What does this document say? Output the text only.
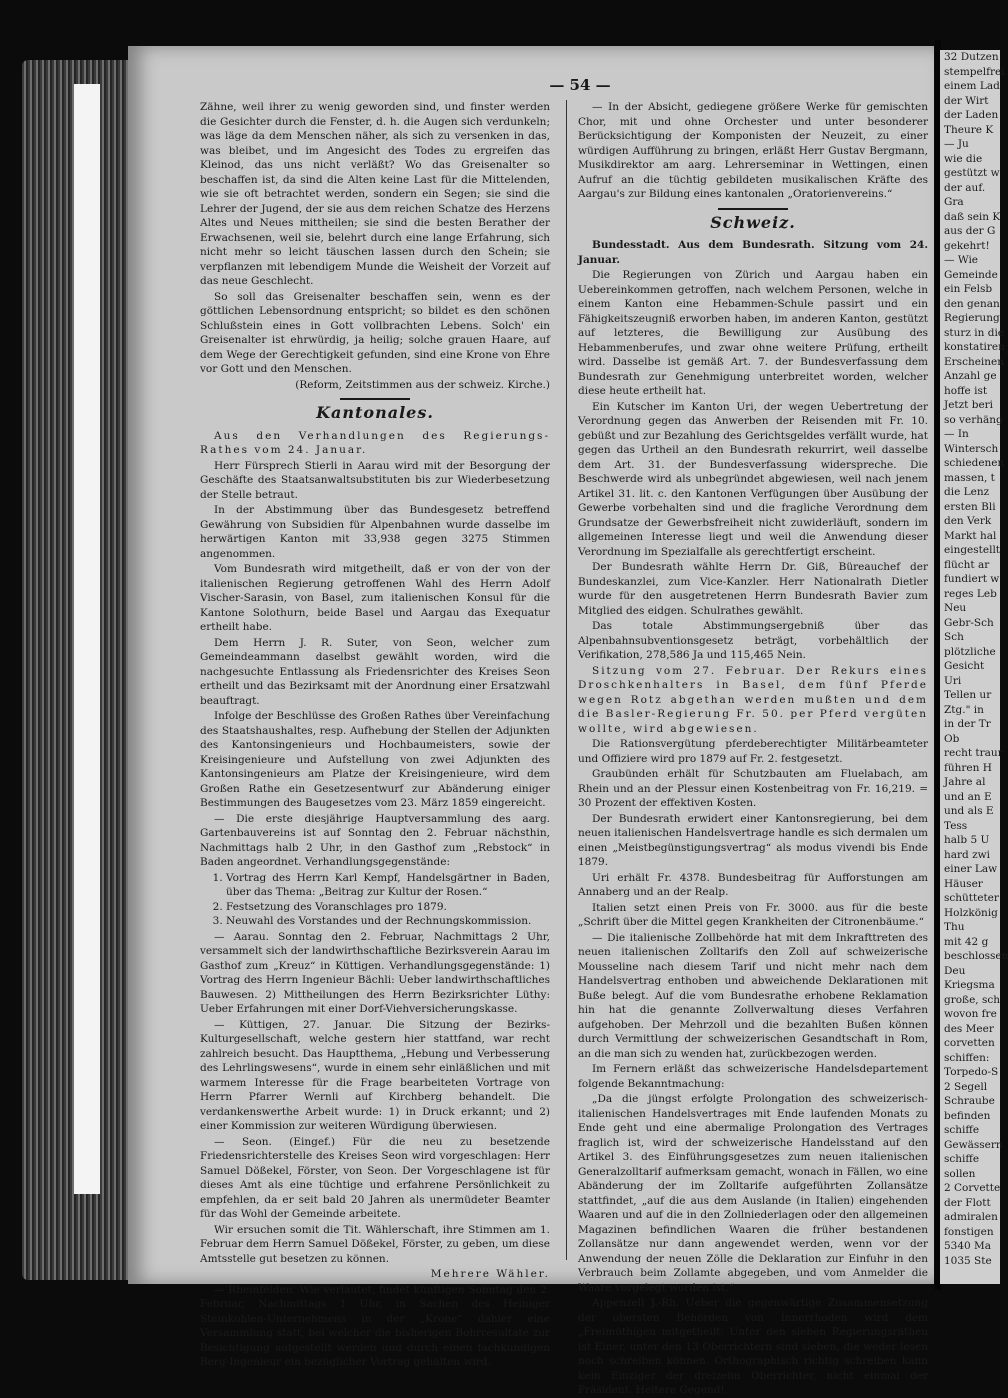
32 Dutzen
stempelfrei
einem Lad
der Wirt
der Laden
Theure K
— Ju
wie die
gestützt w
der auf.
Gra
daß sein K
aus der G
gekehrt!
— Wie
Gemeinde
ein Felsb
den genan
Regierung
sturz in die
konstatiren
Erscheinen
Anzahl ge
hoffe ist
Jetzt beri
so verhäng
— In
Wintersch
schiedenen
massen, t
die Lenz
ersten Bli
den Verk
Markt hal
eingestellt
flücht ar
fundiert w
reges Leb
Neu
Gebr-Sch
Sch
plötzliche
Gesicht
Uri
Tellen ur
Ztg." in
in der Tr
Ob
recht traur
führen H
Jahre al
und an E
und als E
Tess
halb 5 U
hard zwi
einer Law
Häuser
schütteter
Holzkönig
Thu
mit 42 g
beschlossen
Deu
Kriegsma
große, sch
wovon fre
des Meer
corvetten
schiffen:
Torpedo-S
2 Segell
Schraube
befinden
schiffe
Gewässern
schiffe
sollen
2 Corvette
der Flott
admiralen
fonstigen
5340 Ma
1035 Ste
— 54 —

Zähne, weil ihrer zu wenig geworden sind, und finster werden die Gesichter durch die Fenster, d. h. die Augen sich verdunkeln; was läge da dem Menschen näher, als sich zu versenken in das, was bleibet, und im Angesicht des Todes zu ergreifen das Kleinod, das uns nicht verläßt? Wo das Greisenalter so beschaffen ist, da sind die Alten keine Last für die Mittelenden, wie sie oft betrachtet werden, sondern ein Segen; sie sind die Lehrer der Jugend, der sie aus dem reichen Schatze des Herzens Altes und Neues mittheilen; sie sind die besten Berather der Erwachsenen, weil sie, belehrt durch eine lange Erfahrung, sich nicht mehr so leicht täuschen lassen durch den Schein; sie verpflanzen mit lebendigem Munde die Weisheit der Vorzeit auf das neue Geschlecht.

So soll das Greisenalter beschaffen sein, wenn es der göttlichen Lebensordnung entspricht; so bildet es den schönen Schlußstein eines in Gott vollbrachten Lebens. Solch' ein Greisenalter ist ehrwürdig, ja heilig; solche grauen Haare, auf dem Wege der Gerechtigkeit gefunden, sind eine Krone von Ehre vor Gott und den Menschen.

(Reform, Zeitstimmen aus der schweiz. Kirche.)

Kantonales.

Aus den Verhandlungen des Regierungs-Rathes vom 24. Januar.

Herr Fürsprech Stierli in Aarau wird mit der Besorgung der Geschäfte des Staatsanwaltsubstituten bis zur Wiederbesetzung der Stelle betraut.

In der Abstimmung über das Bundesgesetz betreffend Gewährung von Subsidien für Alpenbahnen wurde dasselbe im herwärtigen Kanton mit 33,938 gegen 3275 Stimmen angenommen.

Vom Bundesrath wird mitgetheilt, daß er von der von der italienischen Regierung getroffenen Wahl des Herrn Adolf Vischer-Sarasin, von Basel, zum italienischen Konsul für die Kantone Solothurn, beide Basel und Aargau das Exequatur ertheilt habe.

Dem Herrn J. R. Suter, von Seon, welcher zum Gemeindeammann daselbst gewählt worden, wird die nachgesuchte Entlassung als Friedensrichter des Kreises Seon ertheilt und das Bezirksamt mit der Anordnung einer Ersatzwahl beauftragt.

Infolge der Beschlüsse des Großen Rathes über Vereinfachung des Staatshaushaltes, resp. Aufhebung der Stellen der Adjunkten des Kantonsingenieurs und Hochbaumeisters, sowie der Kreisingenieure und Aufstellung von zwei Adjunkten des Kantonsingenieurs am Platze der Kreisingenieure, wird dem Großen Rathe ein Gesetzesentwurf zur Abänderung einiger Bestimmungen des Baugesetzes vom 23. März 1859 eingereicht.

— Die erste diesjährige Hauptversammlung des aarg. Gartenbauvereins ist auf Sonntag den 2. Februar nächsthin, Nachmittags halb 2 Uhr, in den Gasthof zum „Rebstock“ in Baden angeordnet. Verhandlungsgegenstände:

1. Vortrag des Herrn Karl Kempf, Handelsgärtner in Baden, über das Thema: „Beitrag zur Kultur der Rosen.“
2. Festsetzung des Voranschlages pro 1879.
3. Neuwahl des Vorstandes und der Rechnungskommission.

— Aarau. Sonntag den 2. Februar, Nachmittags 2 Uhr, versammelt sich der landwirthschaftliche Bezirksverein Aarau im Gasthof zum „Kreuz“ in Küttigen. Verhandlungsgegenstände: 1) Vortrag des Herrn Ingenieur Bächli: Ueber landwirthschaftliches Bauwesen. 2) Mittheilungen des Herrn Bezirksrichter Lüthy: Ueber Erfahrungen mit einer Dorf-Viehversicherungskasse.

— Küttigen, 27. Januar. Die Sitzung der Bezirks-Kulturgesellschaft, welche gestern hier stattfand, war recht zahlreich besucht. Das Hauptthema, „Hebung und Verbesserung des Lehrlingswesens“, wurde in einem sehr einläßlichen und mit warmem Interesse für die Frage bearbeiteten Vortrage von Herrn Pfarrer Wernli auf Kirchberg behandelt. Die verdankenswerthe Arbeit wurde: 1) in Druck erkannt; und 2) einer Kommission zur weiteren Würdigung überwiesen.

— Seon. (Eingef.) Für die neu zu besetzende Friedensrichterstelle des Kreises Seon wird vorgeschlagen: Herr Samuel Dößekel, Förster, von Seon. Der Vorgeschlagene ist für dieses Amt als eine tüchtige und erfahrene Persönlichkeit zu empfehlen, da er seit bald 20 Jahren als unermüdeter Beamter für das Wohl der Gemeinde arbeitete.

Wir ersuchen somit die Tit. Wählerschaft, ihre Stimmen am 1. Februar dem Herrn Samuel Dößekel, Förster, zu geben, um diese Amtsstelle gut besetzen zu können.

Mehrere Wähler.

— Rheinfelden. Wie verlautet, findet künftigen Sonntag den 2. Februar, Nachmittags 1 Uhr, in Sachen des Heiniger Steinkohlen-Unternehmens in der „Krone“ dahier eine Versammlung statt, bei welcher die bisherigen Bohrresultate zur Besichtigung aufgestellt werden und durch einen fachkundigen Berg-Ingenieur ein bezüglicher Vortrag gehalten wird.

— In der Absicht, gediegene größere Werke für gemischten Chor, mit und ohne Orchester und unter besonderer Berücksichtigung der Komponisten der Neuzeit, zu einer würdigen Aufführung zu bringen, erläßt Herr Gustav Bergmann, Musikdirektor am aarg. Lehrerseminar in Wettingen, einen Aufruf an die tüchtig gebildeten musikalischen Kräfte des Aargau's zur Bildung eines kantonalen „Oratorienvereins.“

Schweiz.

Bundesstadt. Aus dem Bundesrath. Sitzung vom 24. Januar.

Die Regierungen von Zürich und Aargau haben ein Uebereinkommen getroffen, nach welchem Personen, welche in einem Kanton eine Hebammen-Schule passirt und ein Fähigkeitszeugniß erworben haben, im anderen Kanton, gestützt auf letzteres, die Bewilligung zur Ausübung des Hebammenberufes, und zwar ohne weitere Prüfung, ertheilt wird. Dasselbe ist gemäß Art. 7. der Bundesverfassung dem Bundesrath zur Genehmigung unterbreitet worden, welcher diese heute ertheilt hat.

Ein Kutscher im Kanton Uri, der wegen Uebertretung der Verordnung gegen das Anwerben der Reisenden mit Fr. 10. gebüßt und zur Bezahlung des Gerichtsgeldes verfällt wurde, hat gegen das Urtheil an den Bundesrath rekurrirt, weil dasselbe dem Art. 31. der Bundesverfassung widerspreche. Die Beschwerde wird als unbegründet abgewiesen, weil nach jenem Artikel 31. lit. c. den Kantonen Verfügungen über Ausübung der Gewerbe vorbehalten sind und die fragliche Verordnung dem Grundsatze der Gewerbsfreiheit nicht zuwiderläuft, sondern im allgemeinen Interesse liegt und weil die Anwendung dieser Verordnung im Spezialfalle als gerechtfertigt erscheint.

Der Bundesrath wählte Herrn Dr. Giß, Büreauchef der Bundeskanzlei, zum Vice-Kanzler. Herr Nationalrath Dietler wurde für den ausgetretenen Herrn Bundesrath Bavier zum Mitglied des eidgen. Schulrathes gewählt.

Das totale Abstimmungsergebniß über das Alpenbahnsubventionsgesetz beträgt, vorbehältlich der Verifikation, 278,586 Ja und 115,465 Nein.

Sitzung vom 27. Februar. Der Rekurs eines Droschkenhalters in Basel, dem fünf Pferde wegen Rotz abgethan werden mußten und dem die Basler-Regierung Fr. 50. per Pferd vergüten wollte, wird abgewiesen.

Die Rationsvergütung pferdeberechtigter Militärbeamteter und Offiziere wird pro 1879 auf Fr. 2. festgesetzt.

Graubünden erhält für Schutzbauten am Fluelabach, am Rhein und an der Plessur einen Kostenbeitrag von Fr. 16,219. = 30 Prozent der effektiven Kosten.

Der Bundesrath erwidert einer Kantonsregierung, bei dem neuen italienischen Handelsvertrage handle es sich dermalen um einen „Meistbegünstigungsvertrag“ als modus vivendi bis Ende 1879.

Uri erhält Fr. 4378. Bundesbeitrag für Aufforstungen am Annaberg und an der Realp.

Italien setzt einen Preis von Fr. 3000. aus für die beste „Schrift über die Mittel gegen Krankheiten der Citronenbäume.“

— Die italienische Zollbehörde hat mit dem Inkrafttreten des neuen italienischen Zolltarifs den Zoll auf schweizerische Mousseline nach diesem Tarif und nicht mehr nach dem Handelsvertrag enthoben und abweichende Deklarationen mit Buße belegt. Auf die vom Bundesrathe erhobene Reklamation hin hat die genannte Zollverwaltung dieses Verfahren aufgehoben. Der Mehrzoll und die bezahlten Bußen können durch Vermittlung der schweizerischen Gesandtschaft in Rom, an die man sich zu wenden hat, zurückbezogen werden.

Im Fernern erläßt das schweizerische Handelsdepartement folgende Bekanntmachung:

„Da die jüngst erfolgte Prolongation des schweizerisch-italienischen Handelsvertrages mit Ende laufenden Monats zu Ende geht und eine abermalige Prolongation des Vertrages fraglich ist, wird der schweizerische Handelsstand auf den Artikel 3. des Einführungsgesetzes zum neuen italienischen Generalzolltarif aufmerksam gemacht, wonach in Fällen, wo eine Abänderung der im Zolltarife aufgeführten Zollansätze stattfindet, „auf die aus dem Auslande (in Italien) eingehenden Waaren und auf die in den Zollniederlagen oder den allgemeinen Magazinen befindlichen Waaren die früher bestandenen Zollansätze nur dann angewendet werden, wenn vor der Anwendung der neuen Zölle die Deklaration zur Einfuhr in den Verbrauch beim Zollamte abgegeben, und vom Anmelder die Waare vorgelegt worden ist.“

Appenzell J.-Rh. Ueber die gegenwärtige Zusammensetzung der obersten Behörden von Innerrhoden wird dem „Freimüthigen mitgetheilt: Unter den sieben Regierungsräthen ist Einer, unter den 13 Oberrichtern sind sieben, die weder lesen noch schreiben können. Orthographisch richtig schreiben kann kein Einziger der dreizehn Oberrichter, nicht einmal der Präsident. Heitere Gegend!
